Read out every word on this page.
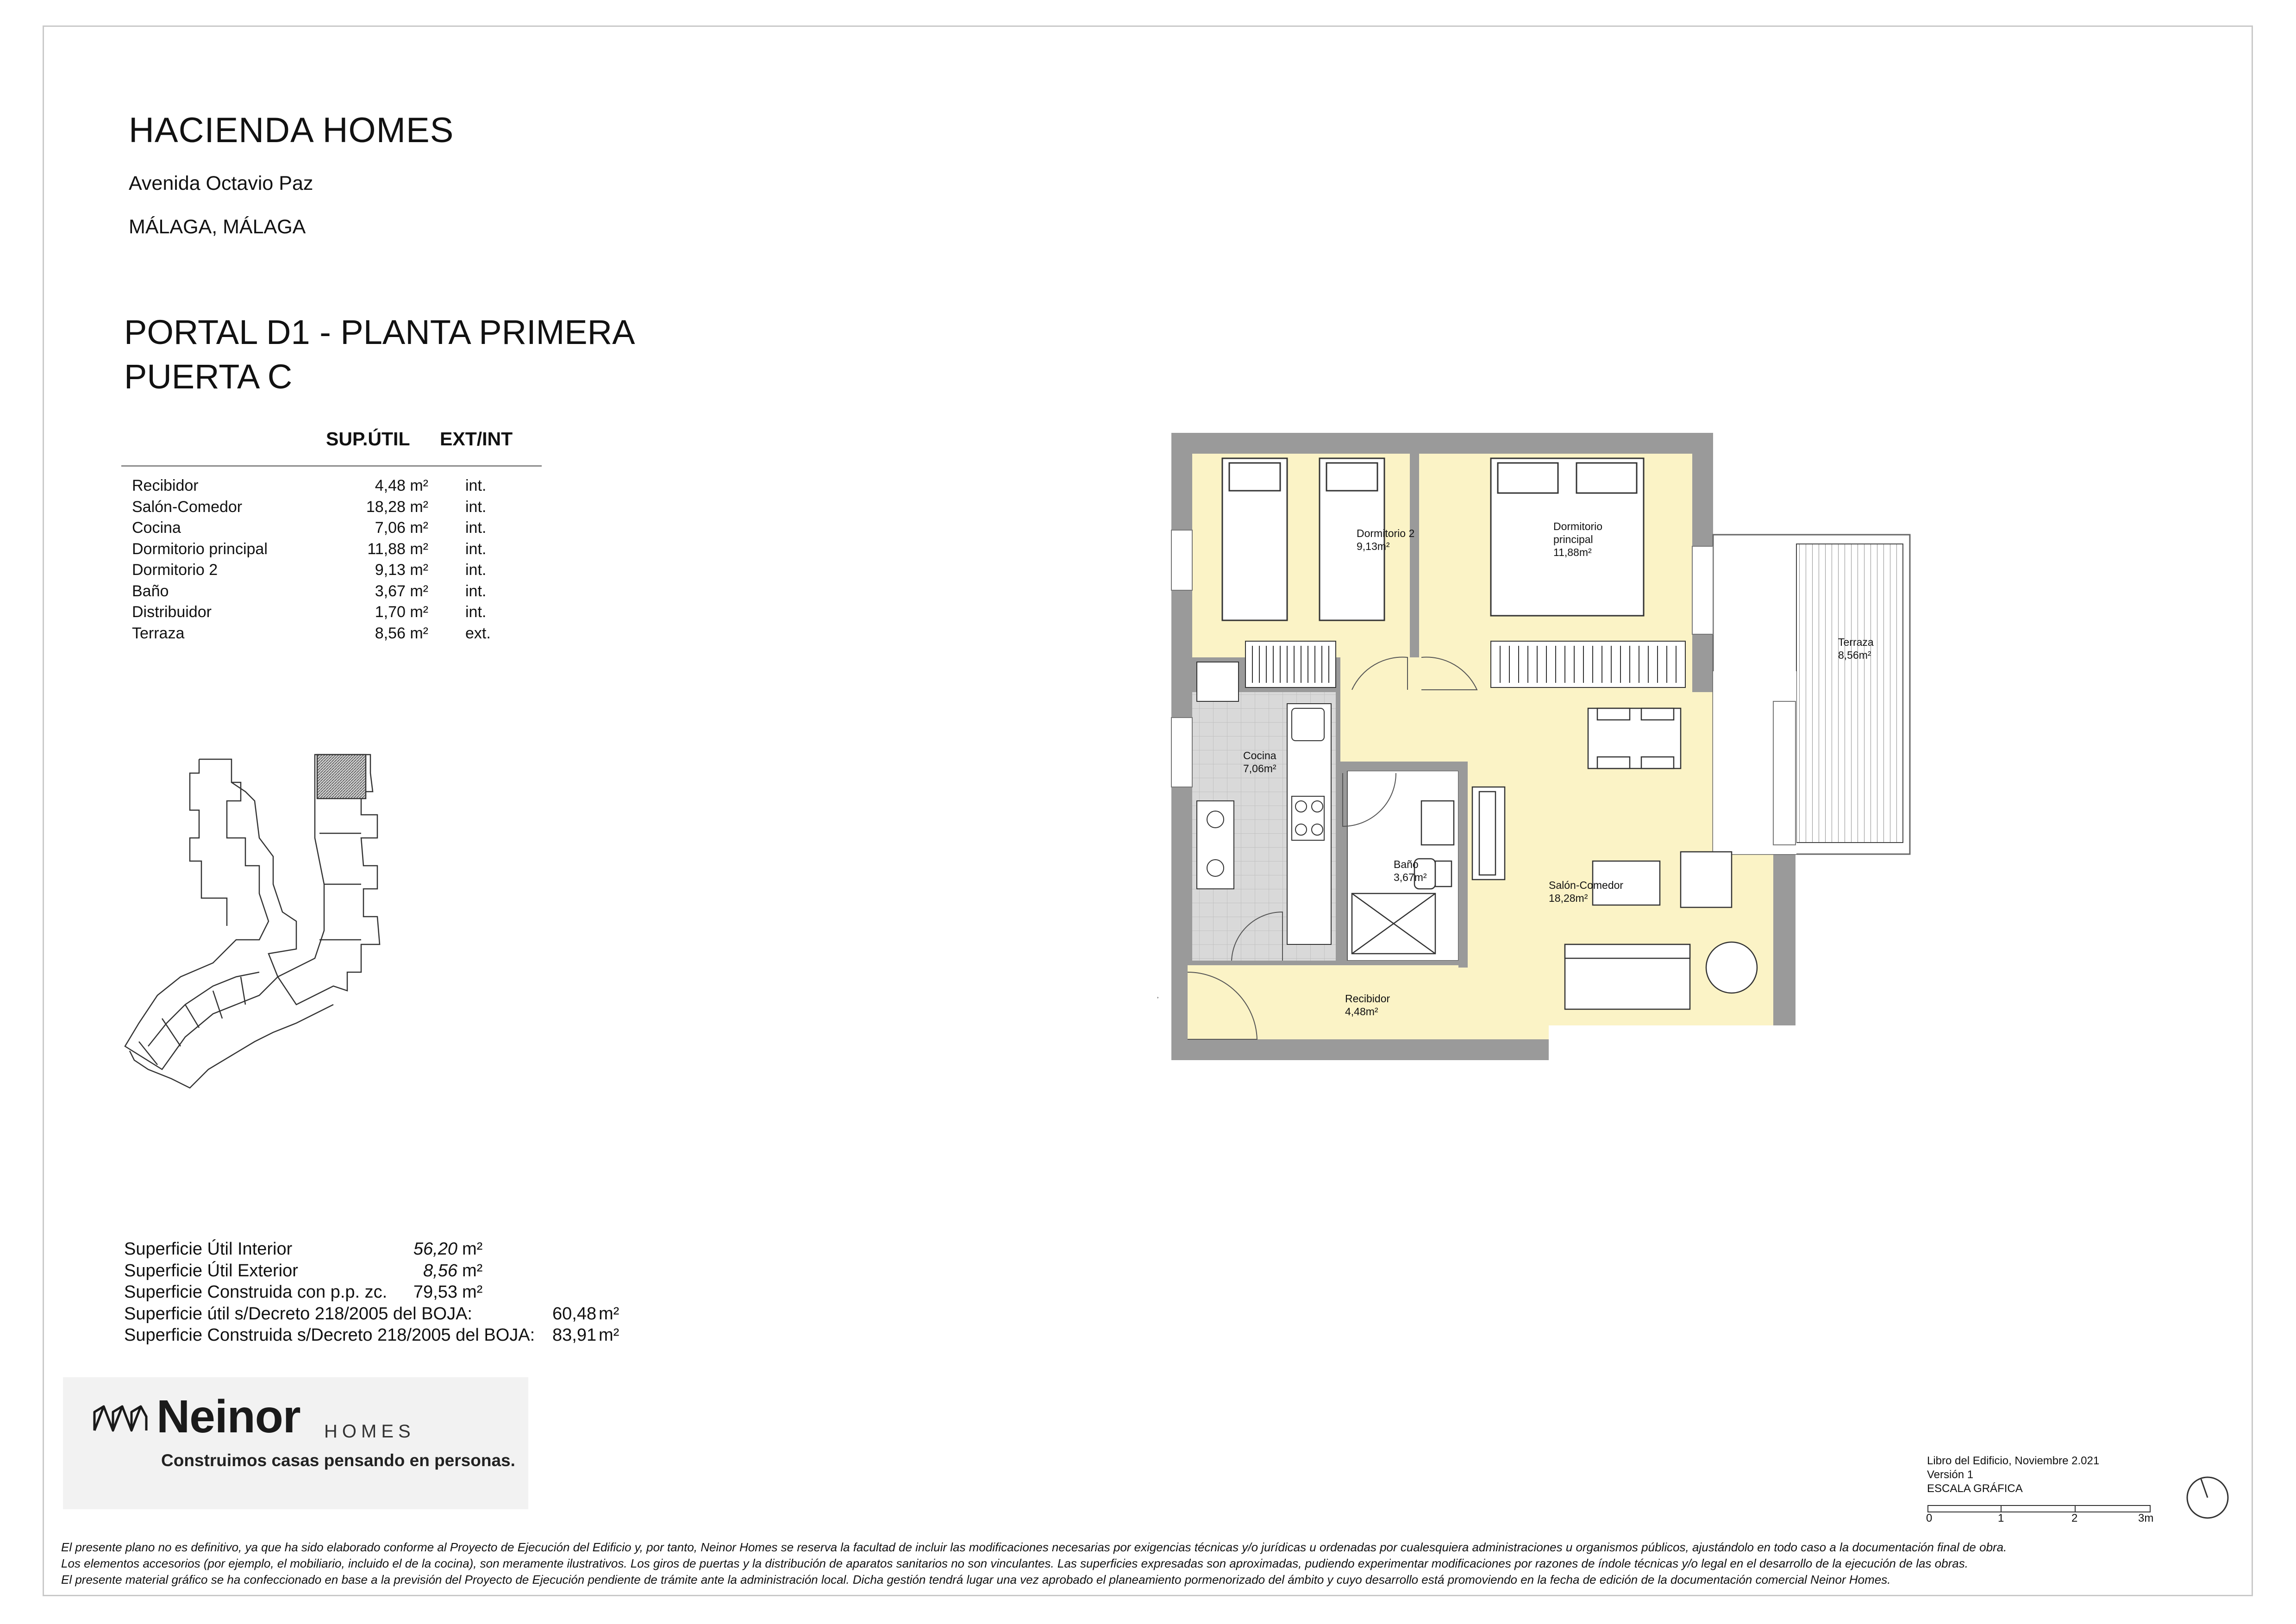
HACIENDA HOMES
Avenida Octavio Paz
MÁLAGA, MÁLAGA
PORTAL D1 - PLANTA PRIMERA
PUERTA C
SUP.ÚTIL EXT/INT
Recibidor	4,48 m² int.
Salón-Comedor	18,28 m² int.
Cocina	7,06 m² int.
Dormitorio principal	11,88 m² int.
Dormitorio 2	9,13 m² int.
Baño	3,67 m² int.
Distribuidor	1,70 m² int.
Terraza	8,56 m² ext.
Superficie Útil Interior	56,20 m²
Superficie Útil Exterior	8,56 m²
Superficie Construida con p.p. zc.	79,53 m²
Superficie útil s/Decreto 218/2005 del BOJA:	60,48 m²
Superficie Construida s/Decreto 218/2005 del BOJA: 83,91 m²
Neinor HOMES
Construimos casas pensando en personas.
Dormitorio 2 9,13m²
Dormitorio principal 11,88m²
Terraza 8,56m²
Cocina 7,06m²
Baño 3,67m²
Salón-Comedor 18,28m²
Recibidor 4,48m²
Libro del Edificio, Noviembre 2.021
Versión 1
ESCALA GRÁFICA
0	1	2	3m
El presente plano no es definitivo, ya que ha sido elaborado conforme al Proyecto de Ejecución del Edificio y, por tanto, Neinor Homes se reserva la facultad de incluir las modificaciones necesarias por exigencias técnicas y/o jurídicas u ordenadas por cualesquiera administraciones u organismos públicos, ajustándolo en todo caso a la documentación final de obra.
Los elementos accesorios (por ejemplo, el mobiliario, incluido el de la cocina), son meramente ilustrativos. Los giros de puertas y la distribución de aparatos sanitarios no son vinculantes. Las superficies expresadas son aproximadas, pudiendo experimentar modificaciones por razones de índole técnicas y/o legal en el desarrollo de la ejecución de las obras.
El presente material gráfico se ha confeccionado en base a la previsión del Proyecto de Ejecución pendiente de trámite ante la administración local. Dicha gestión tendrá lugar una vez aprobado el planeamiento pormenorizado del ámbito y cuyo desarrollo está promoviendo en la fecha de edición de la documentación comercial Neinor Homes.
